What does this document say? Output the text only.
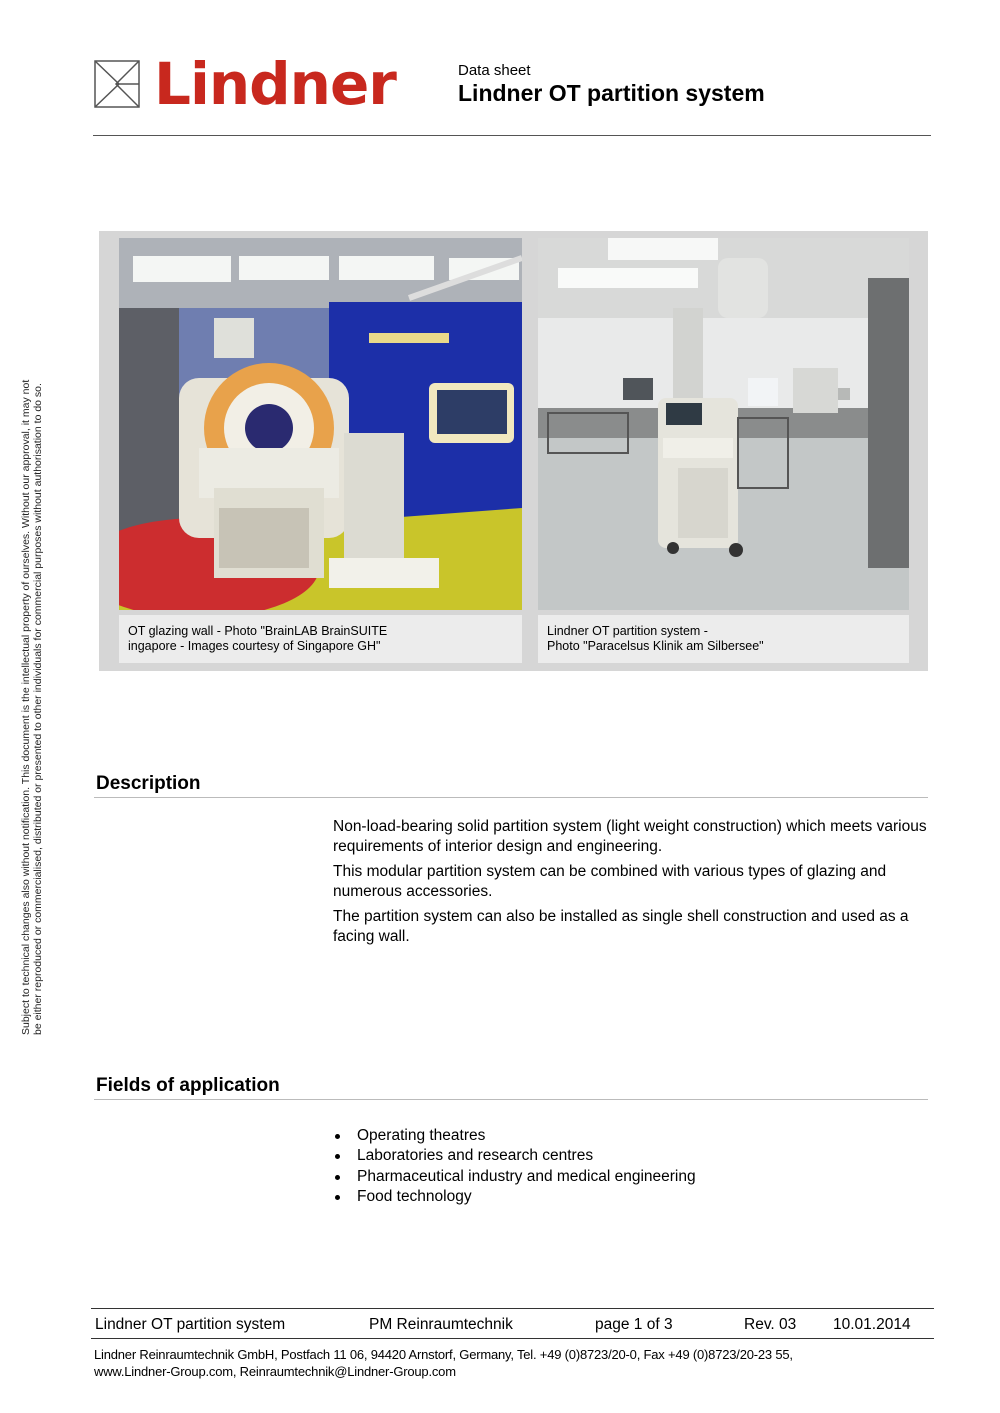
Lindner	Data sheet
Lindner OT partition system
Subject to technical changes also without notification. This document is the intellectual property of ourselves. Without our approval, it may not be either reproduced or commercialised, distributed or presented to other individuals for commercial purposes without authorisation to do so.	OT glazing wall - Photo "BrainLAB BrainSUITE
ingapore - Images courtesy of Singapore GH"
Lindner OT partition system -
Photo "Paracelsus Klinik am Silbersee"
Description

Non-load-bearing solid partition system (light weight construction) which meets various requirements of interior design and engineering.

This modular partition system can be combined with various types of glazing and numerous accessories.

The partition system can also be installed as single shell construction and used as a facing wall.

Fields of application
Operating theatres
Laboratories and research centres
Pharmaceutical industry and medical engineering
Food technology
Lindner OT partition system	PM Reinraumtechnik	page 1 of 3	Rev. 03 10.01.2014
Lindner Reinraumtechnik GmbH, Postfach 11 06, 94420 Arnstorf, Germany, Tel. +49 (0)8723/20-0, Fax +49 (0)8723/20-23 55,
www.Lindner-Group.com, Reinraumtechnik@Lindner-Group.com
